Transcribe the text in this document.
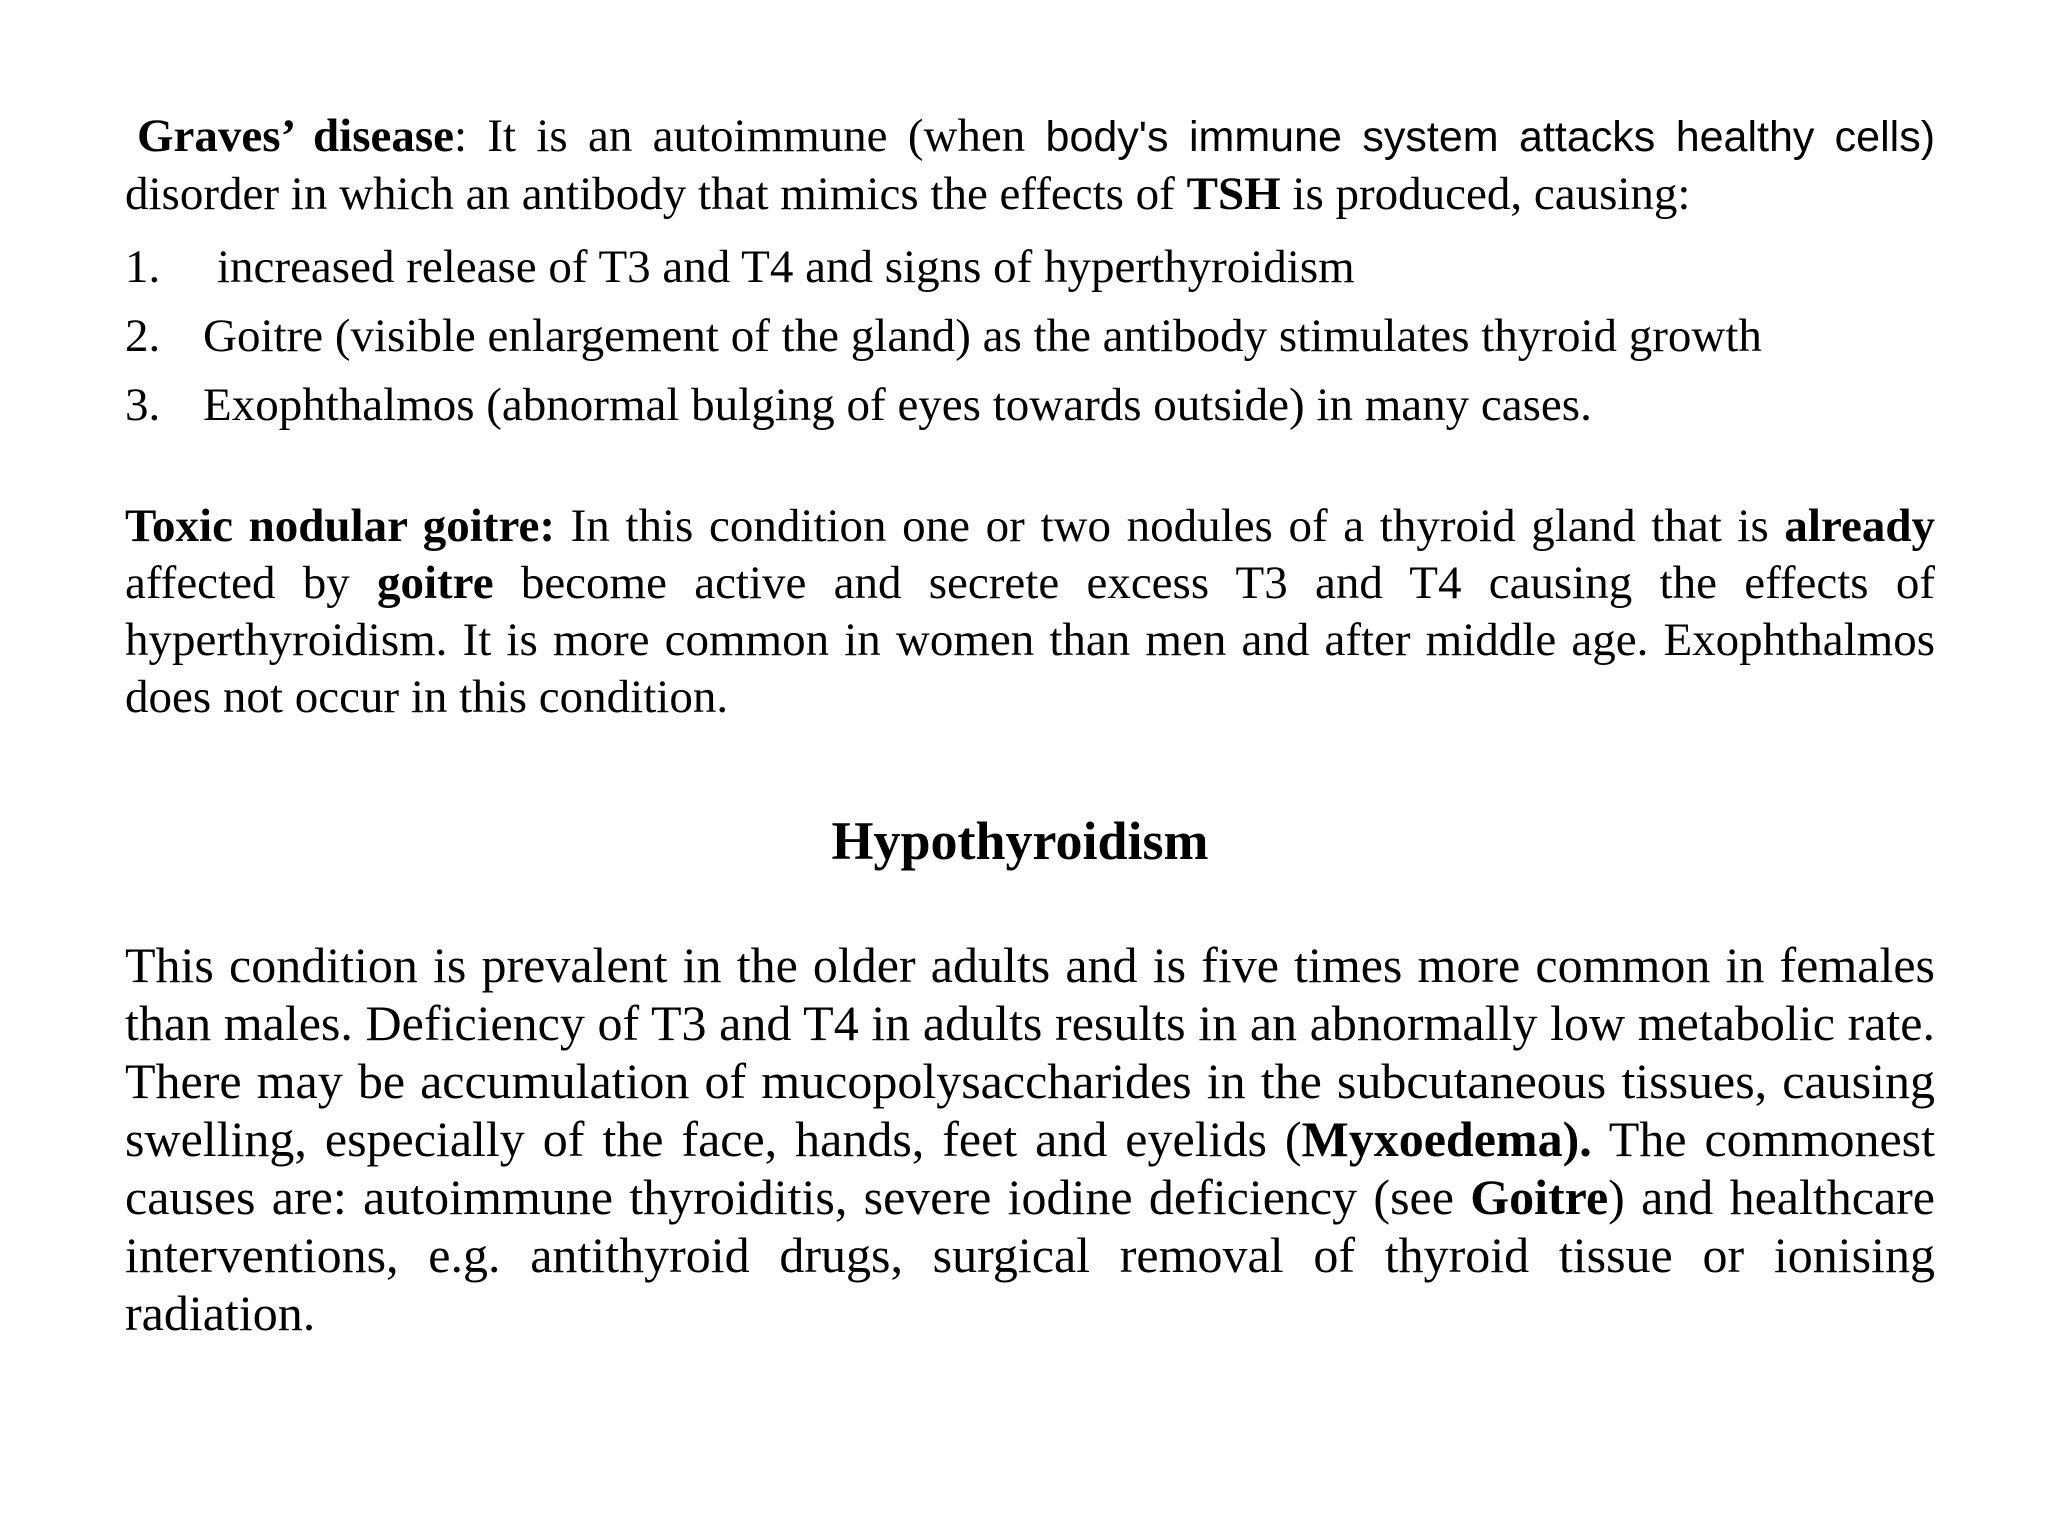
Graves’ disease: It is an autoimmune (when body's immune system attacks healthy cells) disorder in which an antibody that mimics the effects of TSH is produced, causing:

1.	increased release of T3 and T4 and signs of hyperthyroidism
2. Goitre (visible enlargement of the gland) as the antibody stimulates thyroid growth
3. Exophthalmos (abnormal bulging of eyes towards outside) in many cases.

Toxic nodular goitre: In this condition one or two nodules of a thyroid gland that is already affected by goitre become active and secrete excess T3 and T4 causing the effects of hyperthyroidism. It is more common in women than men and after middle age. Exophthalmos does not occur in this condition.

Hypothyroidism

This condition is prevalent in the older adults and is five times more common in females than males. Deficiency of T3 and T4 in adults results in an abnormally low metabolic rate. There may be accumulation of mucopolysaccharides in the subcutaneous tissues, causing swelling, especially of the face, hands, feet and eyelids (Myxoedema). The commonest causes are: autoimmune thyroiditis, severe iodine deficiency (see Goitre) and healthcare interventions, e.g. antithyroid drugs, surgical removal of thyroid tissue or ionising radiation.
